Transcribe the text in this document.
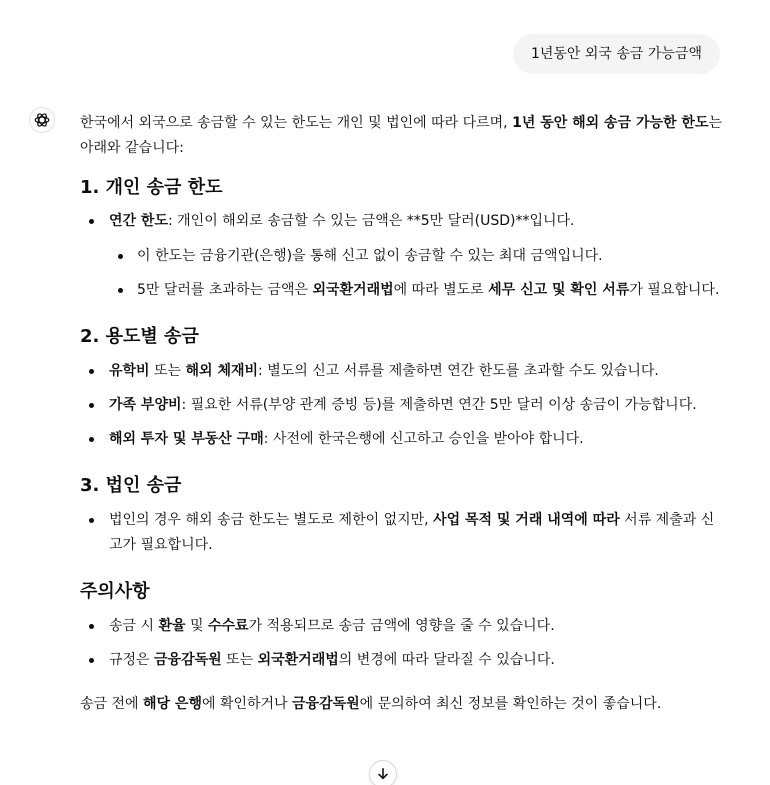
1년동안 외국 송금 가능금액

한국에서 외국으로 송금할 수 있는 한도는 개인 및 법인에 따라 다르며, 1년 동안 해외 송금 가능한 한도는 아래와 같습니다:

1. 개인 송금 한도
연간 한도: 개인이 해외로 송금할 수 있는 금액은 **5만 달러(USD)**입니다.
이 한도는 금융기관(은행)을 통해 신고 없이 송금할 수 있는 최대 금액입니다.
5만 달러를 초과하는 금액은 외국환거래법에 따라 별도로 세무 신고 및 확인 서류가 필요합니다.
2. 용도별 송금
유학비 또는 해외 체재비: 별도의 신고 서류를 제출하면 연간 한도를 초과할 수도 있습니다.
가족 부양비: 필요한 서류(부양 관계 증빙 등)를 제출하면 연간 5만 달러 이상 송금이 가능합니다.
해외 투자 및 부동산 구매: 사전에 한국은행에 신고하고 승인을 받아야 합니다.
3. 법인 송금
법인의 경우 해외 송금 한도는 별도로 제한이 없지만, 사업 목적 및 거래 내역에 따라 서류 제출과 신고가 필요합니다.
주의사항
송금 시 환율 및 수수료가 적용되므로 송금 금액에 영향을 줄 수 있습니다.
규정은 금융감독원 또는 외국환거래법의 변경에 따라 달라질 수 있습니다.

송금 전에 해당 은행에 확인하거나 금융감독원에 문의하여 최신 정보를 확인하는 것이 좋습니다.
